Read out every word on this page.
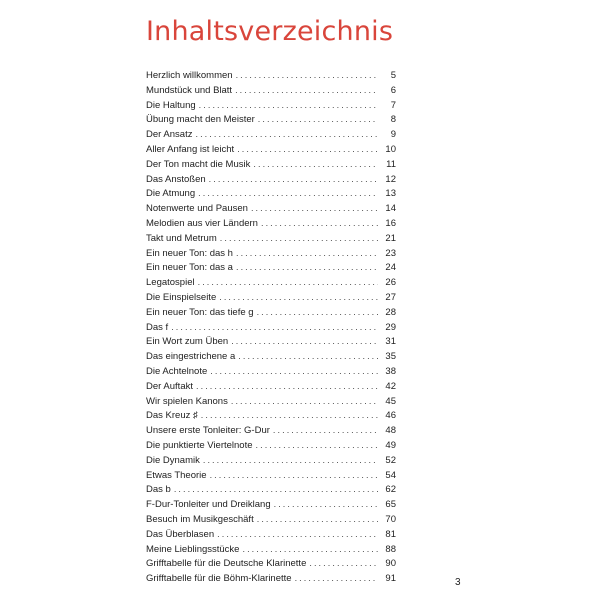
Inhaltsverzeichnis
Herzlich willkommen .....	5
Mundstück und Blatt .....	6
Die Haltung .....	7
Übung macht den Meister .....	8
Der Ansatz .....	9
Aller Anfang ist leicht .....	10
Der Ton macht die Musik .....	11
Das Anstoßen .....	12
Die Atmung .....	13
Notenwerte und Pausen .....	14
Melodien aus vier Ländern .....	16
Takt und Metrum .....	21
Ein neuer Ton: das h .....	23
Ein neuer Ton: das a .....	24
Legatospiel .....	26
Die Einspielseite .....	27
Ein neuer Ton: das tiefe g .....	28
Das f .....	29
Ein Wort zum Üben .....	31
Das eingestrichene a .....	35
Die Achtelnote .....	38
Der Auftakt .....	42
Wir spielen Kanons .....	45
Das Kreuz ♯ .....	46
Unsere erste Tonleiter: G-Dur .....	48
Die punktierte Viertelnote .....	49
Die Dynamik .....	52
Etwas Theorie .....	54
Das b .....	62
F-Dur-Tonleiter und Dreiklang .....	65
Besuch im Musikgeschäft .....	70
Das Überblasen .....	81
Meine Lieblingsstücke .....	88
Grifftabelle für die Deutsche Klarinette .....	90
Grifftabelle für die Böhm-Klarinette .....	91	3
